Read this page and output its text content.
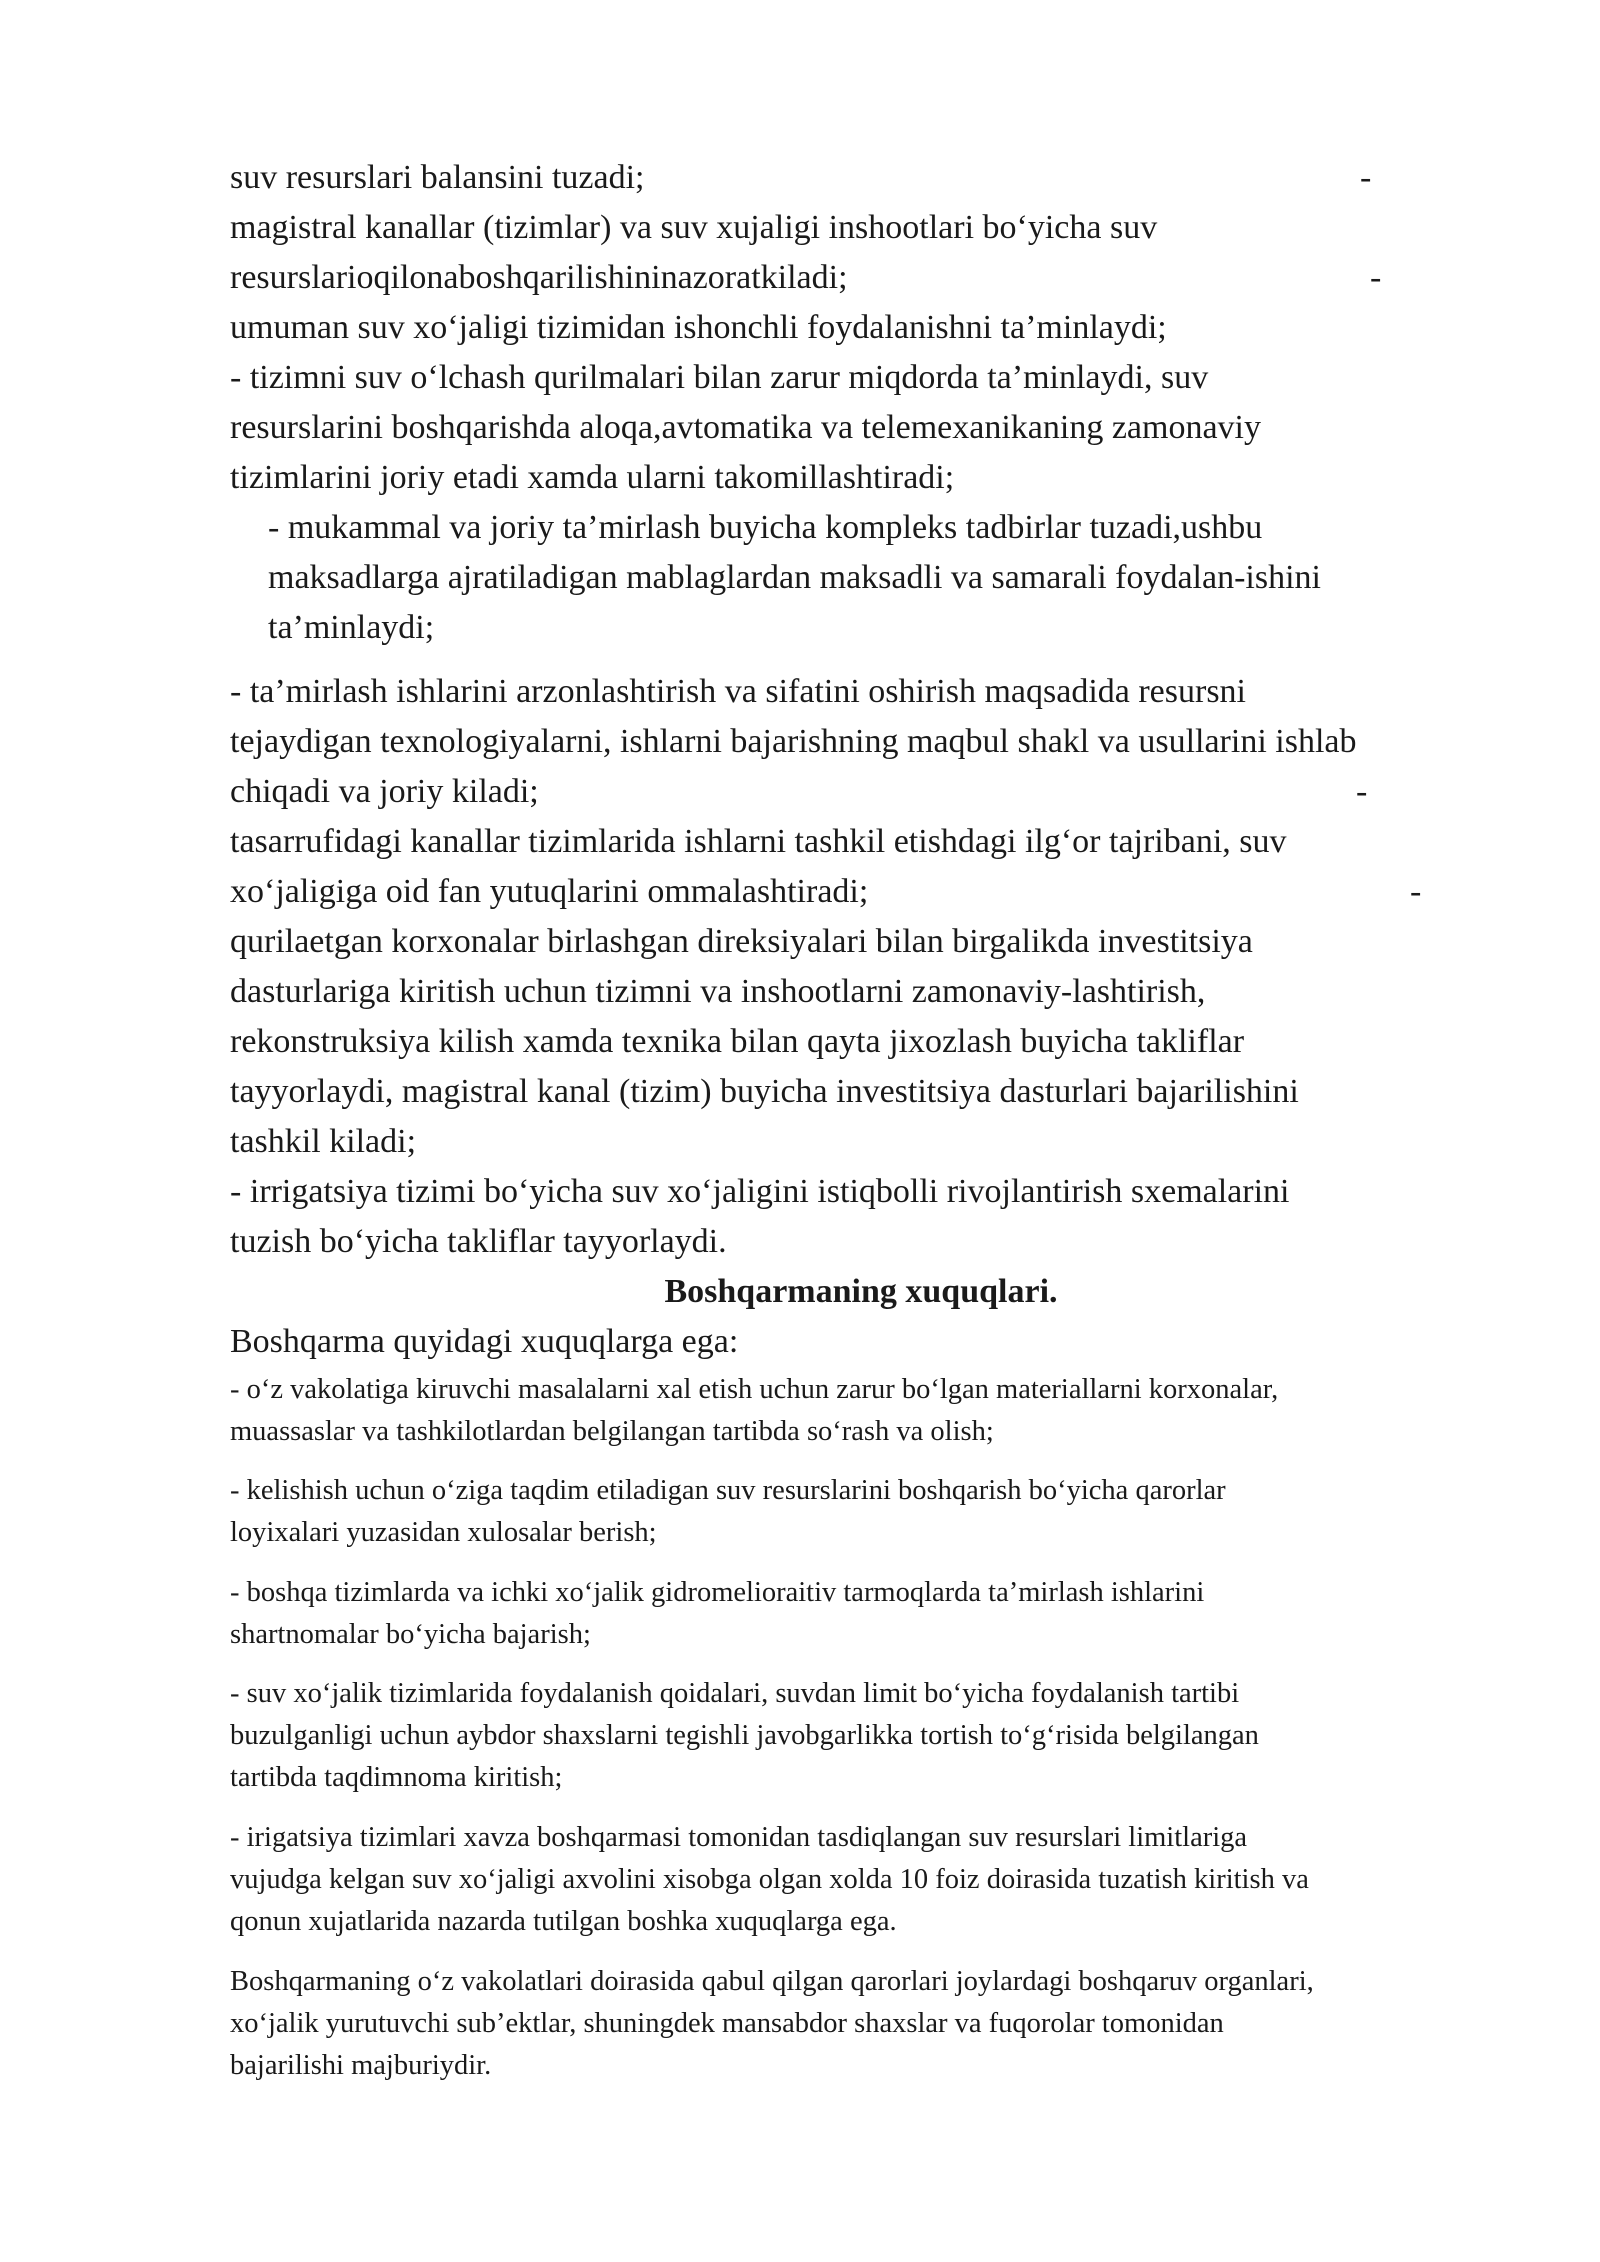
suv resurslari balansini tuzadi;	-
magistral kanallar (tizimlar) va suv xujaligi inshootlari bo‘yicha suv
resurslarioqilonaboshqarilishininazoratkiladi;	-
umuman suv xo‘jaligi tizimidan ishonchli foydalanishni ta’minlaydi;
- tizimni suv o‘lchash qurilmalari bilan zarur miqdorda ta’minlaydi, suv
resurslarini boshqarishda aloqa,avtomatika va telemexanikaning zamonaviy
tizimlarini joriy etadi xamda ularni takomillashtiradi;
- mukammal va joriy ta’mirlash buyicha kompleks tadbirlar tuzadi,ushbu
maksadlarga ajratiladigan mablaglardan maksadli va samarali foydalan-ishini
ta’minlaydi;
- ta’mirlash ishlarini arzonlashtirish va sifatini oshirish maqsadida resursni
tejaydigan texnologiyalarni, ishlarni bajarishning maqbul shakl va usullarini ishlab
chiqadi va joriy kiladi;	-
tasarrufidagi kanallar tizimlarida ishlarni tashkil etishdagi ilg‘or tajribani, suv
xo‘jaligiga oid fan yutuqlarini ommalashtiradi;	-
qurilaetgan korxonalar birlashgan direksiyalari bilan birgalikda investitsiya
dasturlariga kiritish uchun tizimni va inshootlarni zamonaviy-lashtirish,
rekonstruksiya kilish xamda texnika bilan qayta jixozlash buyicha takliflar
tayyorlaydi, magistral kanal (tizim) buyicha investitsiya dasturlari bajarilishini
tashkil kiladi;
- irrigatsiya tizimi bo‘yicha suv xo‘jaligini istiqbolli rivojlantirish sxemalarini
tuzish bo‘yicha takliflar tayyorlaydi.
Boshqarmaning xuquqlari.
Boshqarma quyidagi xuquqlarga ega:
- o‘z vakolatiga kiruvchi masalalarni xal etish uchun zarur bo‘lgan materiallarni korxonalar,
muassaslar va tashkilotlardan belgilangan tartibda so‘rash va olish;
- kelishish uchun o‘ziga taqdim etiladigan suv resurslarini boshqarish bo‘yicha qarorlar
loyixalari yuzasidan xulosalar berish;
- boshqa tizimlarda va ichki xo‘jalik gidromelioraitiv tarmoqlarda ta’mirlash ishlarini
shartnomalar bo‘yicha bajarish;
- suv xo‘jalik tizimlarida foydalanish qoidalari, suvdan limit bo‘yicha foydalanish tartibi
buzulganligi uchun aybdor shaxslarni tegishli javobgarlikka tortish to‘g‘risida belgilangan
tartibda taqdimnoma kiritish;
- irigatsiya tizimlari xavza boshqarmasi tomonidan tasdiqlangan suv resurslari limitlariga
vujudga kelgan suv xo‘jaligi axvolini xisobga olgan xolda 10 foiz doirasida tuzatish kiritish va
qonun xujatlarida nazarda tutilgan boshka xuquqlarga ega.
Boshqarmaning o‘z vakolatlari doirasida qabul qilgan qarorlari joylardagi boshqaruv organlari,
xo‘jalik yurutuvchi sub’ektlar, shuningdek mansabdor shaxslar va fuqorolar tomonidan
bajarilishi majburiydir.
